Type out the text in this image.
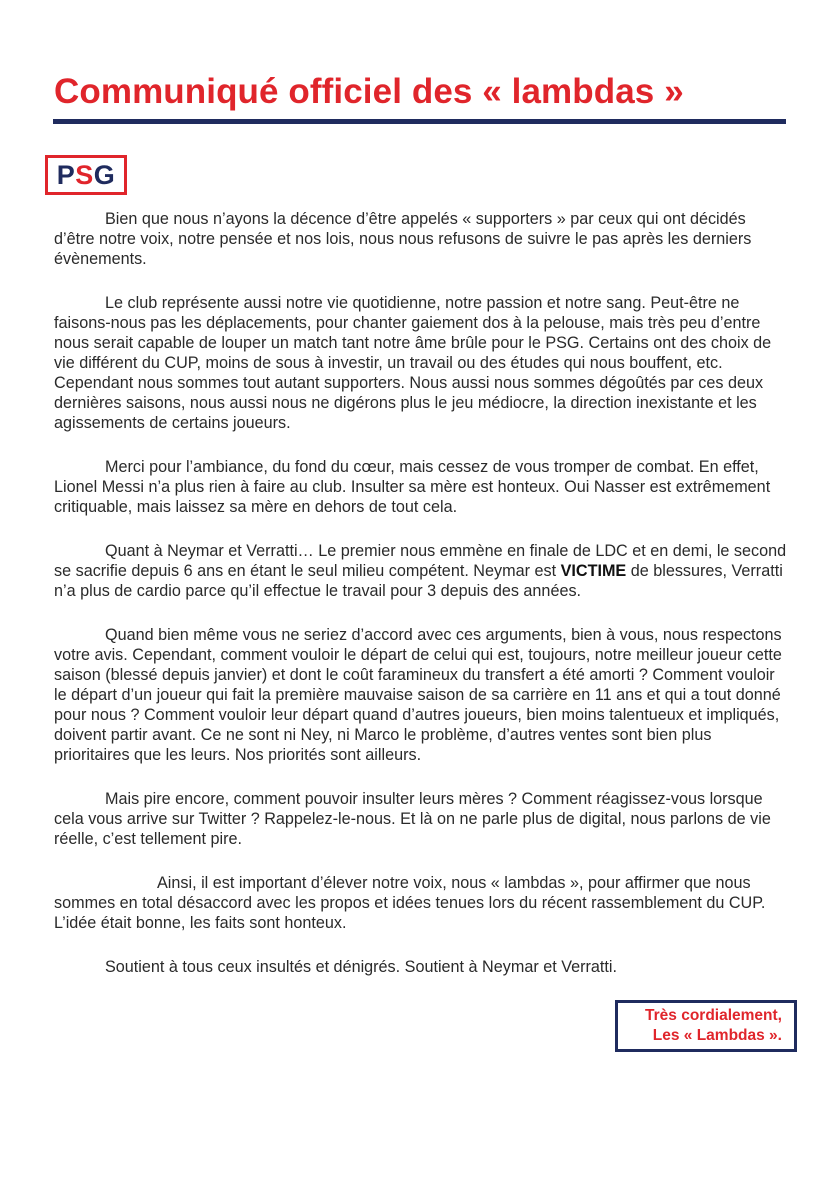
Communiqué officiel des « lambdas »
P S G

Bien que nous n’ayons la décence d’être appelés « supporters » par ceux qui ont décidés d’être notre voix, notre pensée et nos lois, nous nous refusons de suivre le pas après les derniers évènements.

Le club représente aussi notre vie quotidienne, notre passion et notre sang. Peut-être ne faisons-nous pas les déplacements, pour chanter gaiement dos à la pelouse, mais très peu d’entre nous serait capable de louper un match tant notre âme brûle pour le PSG. Certains ont des choix de vie différent du CUP, moins de sous à investir, un travail ou des études qui nous bouffent, etc. Cependant nous sommes tout autant supporters. Nous aussi nous sommes dégoûtés par ces deux dernières saisons, nous aussi nous ne digérons plus le jeu médiocre, la direction inexistante et les agissements de certains joueurs.

Merci pour l’ambiance, du fond du cœur, mais cessez de vous tromper de combat. En effet, Lionel Messi n’a plus rien à faire au club. Insulter sa mère est honteux. Oui Nasser est extrêmement critiquable, mais laissez sa mère en dehors de tout cela.

Quant à Neymar et Verratti… Le premier nous emmène en finale de LDC et en demi, le second se sacrifie depuis 6 ans en étant le seul milieu compétent. Neymar est VICTIME de blessures, Verratti n’a plus de cardio parce qu’il effectue le travail pour 3 depuis des années.

Quand bien même vous ne seriez d’accord avec ces arguments, bien à vous, nous respectons votre avis. Cependant, comment vouloir le départ de celui qui est, toujours, notre meilleur joueur cette saison (blessé depuis janvier) et dont le coût faramineux du transfert a été amorti ? Comment vouloir le départ d’un joueur qui fait la première mauvaise saison de sa carrière en 11 ans et qui a tout donné pour nous ? Comment vouloir leur départ quand d’autres joueurs, bien moins talentueux et impliqués, doivent partir avant. Ce ne sont ni Ney, ni Marco le problème, d’autres ventes sont bien plus prioritaires que les leurs. Nos priorités sont ailleurs.

Mais pire encore, comment pouvoir insulter leurs mères ? Comment réagissez-vous lorsque cela vous arrive sur Twitter ? Rappelez-le-nous. Et là on ne parle plus de digital, nous parlons de vie réelle, c’est tellement pire.

Ainsi, il est important d’élever notre voix, nous « lambdas », pour affirmer que nous sommes en total désaccord avec les propos et idées tenues lors du récent rassemblement du CUP. L’idée était bonne, les faits sont honteux.

Soutient à tous ceux insultés et dénigrés. Soutient à Neymar et Verratti.

Très cordialement,
Les « Lambdas ».
